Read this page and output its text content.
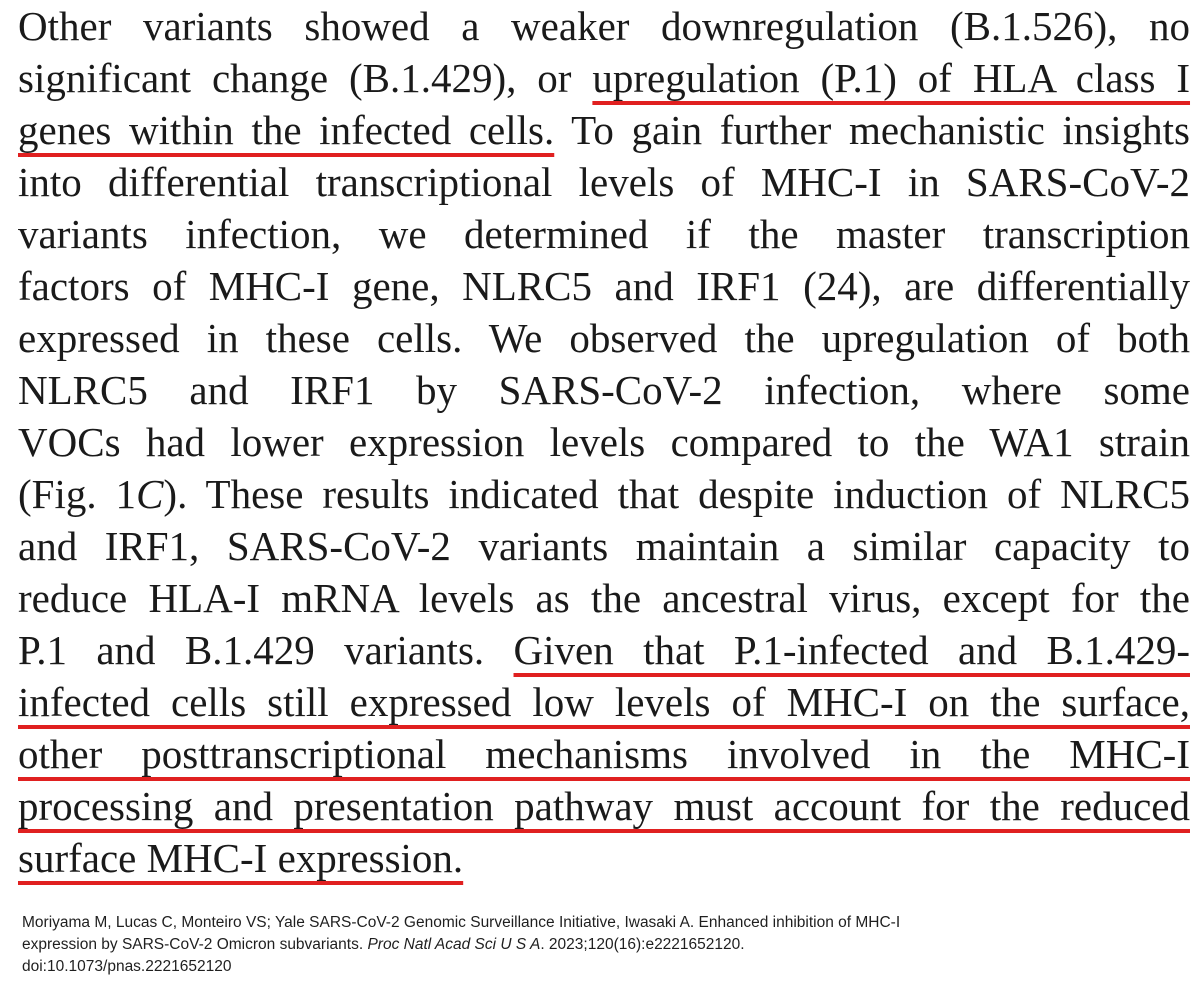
Other variants showed a weaker downregulation (B.1.526), no
significant change (B.1.429), or upregulation (P.1) of HLA class I
genes within the infected cells. To gain further mechanistic insights
into differential transcriptional levels of MHC-I in SARS-CoV-2
variants infection, we determined if the master transcription
factors of MHC-I gene, NLRC5 and IRF1 (24), are differentially
expressed in these cells. We observed the upregulation of both
NLRC5 and IRF1 by SARS-CoV-2 infection, where some
VOCs had lower expression levels compared to the WA1 strain
(Fig. 1C). These results indicated that despite induction of NLRC5
and IRF1, SARS-CoV-2 variants maintain a similar capacity to
reduce HLA-I mRNA levels as the ancestral virus, except for the
P.1 and B.1.429 variants. Given that P.1-infected and B.1.429-
infected cells still expressed low levels of MHC-I on the surface,
other posttranscriptional mechanisms involved in the MHC-I
processing and presentation pathway must account for the reduced
surface MHC-I expression.
Moriyama M, Lucas C, Monteiro VS; Yale SARS-CoV-2 Genomic Surveillance Initiative, Iwasaki A. Enhanced inhibition of MHC-I
expression by SARS-CoV-2 Omicron subvariants. Proc Natl Acad Sci U S A. 2023;120(16):e2221652120.
doi:10.1073/pnas.2221652120
